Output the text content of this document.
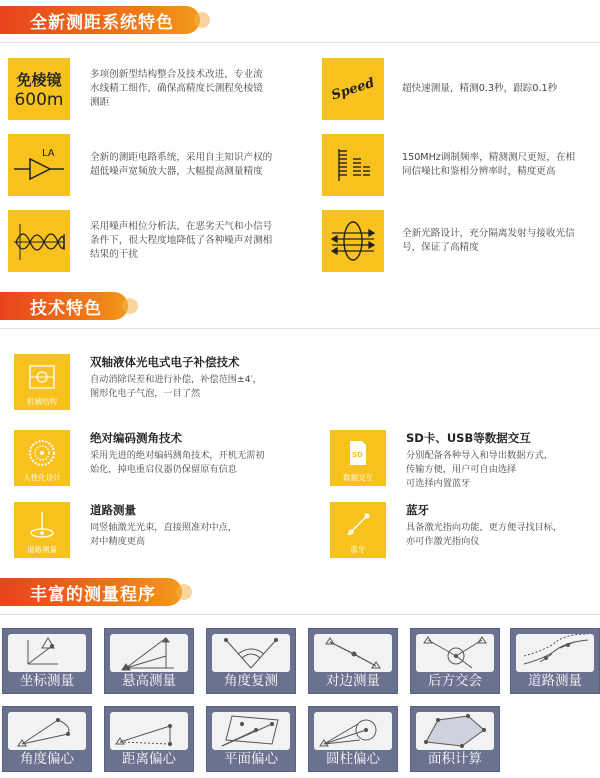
全新测距系统特色
免棱镜
600m
多项创新型结构整合及技术改进，专业流
水线精工细作，确保高精度长测程免棱镜
测距	Speed	超快速测量，精测0.3秒，跟踪0.1秒
LA	全新的测距电路系统，采用自主知识产权的
超低噪声宽频放大器，大幅提高测量精度
150MHz调制频率，精测测尺更短，在相
同信噪比和鉴相分辨率时，精度更高
采用噪声相位分析法，在恶劣天气和小信号
条件下，很大程度地降低了各种噪声对测相
结果的干扰
全新光路设计，充分隔离发射与接收光信
号，保证了高精度
技术特色
机械结构
双轴液体光电式电子补偿技术
自动消除误差和进行补偿，补偿范围±4′，
图形化电子气泡，一目了然
人性化设计
绝对编码测角技术
采用先进的绝对编码测角技术，开机无需初
始化，掉电重启仪器仍保留原有信息
SD
数据交互
SD卡、USB等数据交互
分别配备各种导入和导出数据方式，
传输方便，用户可自由选择
可选择内置蓝牙
道路测量
道路测量
同竖轴激光光束，直接照准对中点，
对中精度更高
蓝牙
蓝牙
具备激光指向功能，更方便寻找目标，
亦可作激光指向仪
丰富的测量程序
坐标测量	悬高测量	角度复测	对边测量	后方交会	道路测量
角度偏心	距离偏心	平面偏心	圆柱偏心	面积计算
